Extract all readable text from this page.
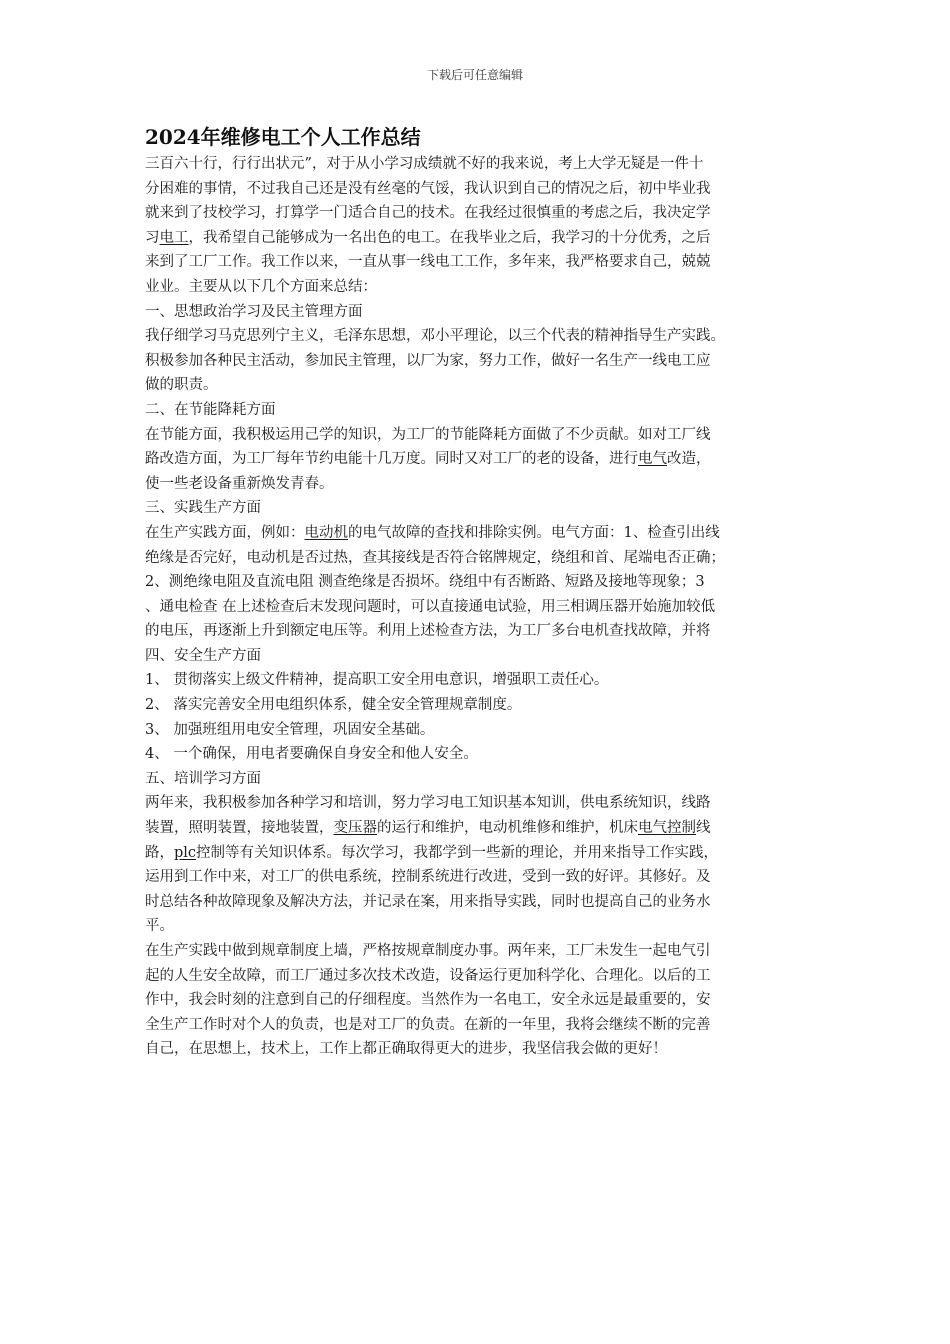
下载后可任意编辑
2024年维修电工个人工作总结
三百六十行，行行出状元”，对于从小学习成绩就不好的我来说，考上大学无疑是一件十
分困难的事情，不过我自己还是没有丝毫的气馁，我认识到自己的情况之后，初中毕业我
就来到了技校学习，打算学一门适合自己的技术。在我经过很慎重的考虑之后，我决定学
习电工，我希望自己能够成为一名出色的电工。在我毕业之后，我学习的十分优秀，之后
来到了工厂工作。我工作以来，一直从事一线电工工作，多年来，我严格要求自己，兢兢
业业。主要从以下几个方面来总结：
一、思想政治学习及民主管理方面
我仔细学习马克思列宁主义，毛泽东思想，邓小平理论，以三个代表的精神指导生产实践。
积极参加各种民主活动，参加民主管理，以厂为家，努力工作，做好一名生产一线电工应
做的职责。
二、在节能降耗方面
在节能方面，我积极运用己学的知识，为工厂的节能降耗方面做了不少贡献。如对工厂线
路改造方面，为工厂每年节约电能十几万度。同时又对工厂的老的设备，进行电气改造，
使一些老设备重新焕发青春。
三、实践生产方面
在生产实践方面，例如：电动机的电气故障的查找和排除实例。电气方面：1、检查引出线
绝缘是否完好，电动机是否过热，查其接线是否符合铭牌规定，绕组和首、尾端电否正确；
2、测绝缘电阻及直流电阻 测查绝缘是否损坏。绕组中有否断路、短路及接地等现象；3
、通电检查 在上述检查后末发现问题时，可以直接通电试验，用三相调压器开始施加较低
的电压，再逐渐上升到额定电压等。利用上述检查方法，为工厂多台电机查找故障，并将
四、安全生产方面
1、 贯彻落实上级文件精神，提高职工安全用电意识，增强职工责任心。
2、 落实完善安全用电组织体系，健全安全管理规章制度。
3、 加强班组用电安全管理，巩固安全基础。
4、 一个确保，用电者要确保自身安全和他人安全。
五、培训学习方面
两年来，我积极参加各种学习和培训，努力学习电工知识基本知训，供电系统知识，线路
装置，照明装置，接地装置，变压器的运行和维护，电动机维修和维护，机床电气控制线
路，plc控制等有关知识体系。每次学习，我都学到一些新的理论，并用来指导工作实践，
运用到工作中来，对工厂的供电系统，控制系统进行改进，受到一致的好评。其修好。及
时总结各种故障现象及解决方法，并记录在案，用来指导实践，同时也提高自己的业务水
平。
在生产实践中做到规章制度上墙，严格按规章制度办事。两年来，工厂未发生一起电气引
起的人生安全故障，而工厂通过多次技术改造，设备运行更加科学化、合理化。以后的工
作中，我会时刻的注意到自己的仔细程度。当然作为一名电工，安全永远是最重要的，安
全生产工作时对个人的负责，也是对工厂的负责。在新的一年里，我将会继续不断的完善
自己，在思想上，技术上，工作上都正确取得更大的进步，我坚信我会做的更好！
